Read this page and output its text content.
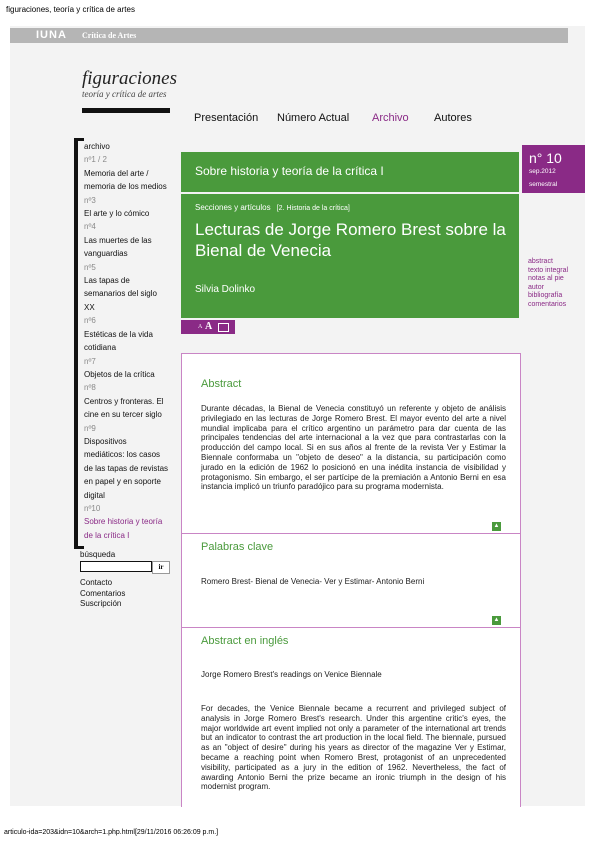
figuraciones, teoría y crítica de artes
IUNA Crítica de Artes
figuraciones
teoría y crítica de artes
Presentación Número Actual Archivo Autores
archivo
nº1 / 2
Memoria del arte /
memoria de los medios
nº3
El arte y lo cómico
nº4
Las muertes de las
vanguardias
nº5
Las tapas de
semanarios del siglo
XX
nº6
Estéticas de la vida
cotidiana
nº7
Objetos de la crítica
nº8
Centros y fronteras. El
cine en su tercer siglo
nº9
Dispositivos
mediáticos: los casos
de las tapas de revistas
en papel y en soporte
digital
nº10
Sobre historia y teoría
de la crítica I
búsqueda
ir
Contacto
Comentarios
Suscripción
Sobre historia y teoría de la crítica I
n° 10
sep.2012
semestral
Secciones y artículos   [2. Historia de la crítica]
Lecturas de Jorge Romero Brest sobre la
Bienal de Venecia
Silvia Dolinko
abstract
texto integral
notas al pie
autor
bibliografía
comentarios
A A
Abstract
Durante décadas, la Bienal de Venecia constituyó un referente y objeto de análisis
privilegiado en las lecturas de Jorge Romero Brest. El mayor evento del arte a nivel
mundial implicaba para el crítico argentino un parámetro para dar cuenta de las
principales tendencias del arte internacional a la vez que para contrastarlas con la
producción del campo local. Si en sus años al frente de la revista Ver y Estimar la
Biennale conformaba un "objeto de deseo" a la distancia, su participación como
jurado en la edición de 1962 lo posicionó en una inédita instancia de visibilidad y
protagonismo. Sin embargo, el ser partícipe de la premiación a Antonio Berni en esa
instancia implicó un triunfo paradójico para su programa modernista.
▲
Palabras clave
Romero Brest- Bienal de Venecia- Ver y Estimar- Antonio Berni
▲
Abstract en inglés
Jorge Romero Brest's readings on Venice Biennale
For decades, the Venice Biennale became a recurrent and privileged subject of
analysis in Jorge Romero Brest's research. Under this argentine critic's eyes, the
major worldwide art event implied not only a parameter of the international art trends
but an indicator to contrast the art production in the local field. The biennale, pursued
as an "object of desire" during his years as director of the magazine Ver y Estimar,
became a reaching point when Romero Brest, protagonist of an unprecedented
visibility, participated as a jury in the edition of 1962. Nevertheless, the fact of
awarding Antonio Berni the prize became an ironic triumph in the design of his
modernist program.
articulo-ida=203&idn=10&arch=1.php.html[29/11/2016 06:26:09 p.m.]
